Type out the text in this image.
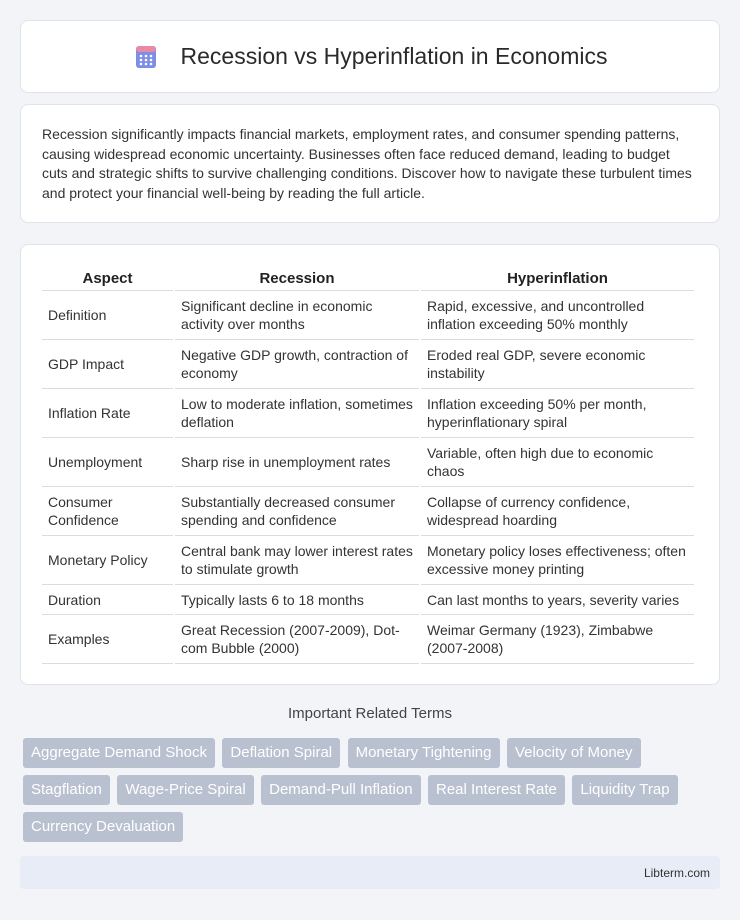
Recession vs Hyperinflation in Economics

Recession significantly impacts financial markets, employment rates, and consumer spending patterns, causing widespread economic uncertainty. Businesses often face reduced demand, leading to budget cuts and strategic shifts to survive challenging conditions. Discover how to navigate these turbulent times and protect your financial well-being by reading the full article.

Aspect	Recession	Hyperinflation
Definition	Significant decline in economic activity over months	Rapid, excessive, and uncontrolled inflation exceeding 50% monthly
GDP Impact	Negative GDP growth, contraction of economy	Eroded real GDP, severe economic instability
Inflation Rate	Low to moderate inflation, sometimes deflation	Inflation exceeding 50% per month, hyperinflationary spiral
Unemployment	Sharp rise in unemployment rates	Variable, often high due to economic chaos
Consumer Confidence	Substantially decreased consumer spending and confidence	Collapse of currency confidence, widespread hoarding
Monetary Policy	Central bank may lower interest rates to stimulate growth	Monetary policy loses effectiveness; often excessive money printing
Duration	Typically lasts 6 to 18 months	Can last months to years, severity varies
Examples	Great Recession (2007-2009), Dot-com Bubble (2000)	Weimar Germany (1923), Zimbabwe (2007-2008)
Important Related Terms
Aggregate Demand Shock Deflation Spiral Monetary Tightening Velocity of Money Stagflation Wage-Price Spiral Demand-Pull Inflation Real Interest Rate Liquidity Trap Currency Devaluation
Libterm.com
